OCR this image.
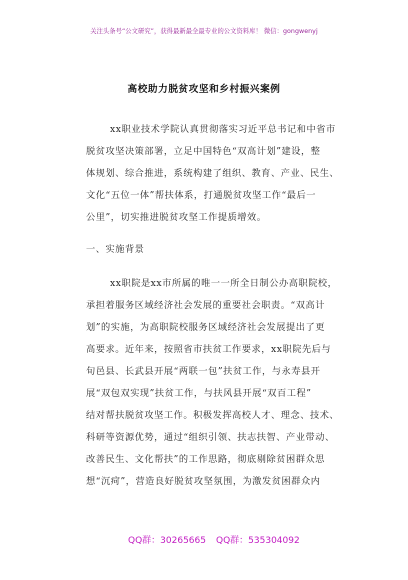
关注头条号“公文研究”，获得最新最全最专业的公文资料库！ 微信：gongwenyj
高校助力脱贫攻坚和乡村振兴案例
xx职业技术学院认真贯彻落实习近平总书记和中省市
脱贫攻坚决策部署，立足中国特色“双高计划”建设，整
体规划、综合推进，系统构建了组织、教育、产业、民生、
文化“五位一体”帮扶体系，打通脱贫攻坚工作“最后一
公里”，切实推进脱贫攻坚工作提质增效。
一、实施背景
xx职院是xx市所属的唯一一所全日制公办高职院校，
承担着服务区域经济社会发展的重要社会职责。“双高计
划”的实施，为高职院校服务区域经济社会发展提出了更
高要求。近年来，按照省市扶贫工作要求，xx职院先后与
旬邑县、长武县开展“两联一包”扶贫工作，与永寿县开
展“双包双实现”扶贫工作，与扶风县开展“双百工程”
结对帮扶脱贫攻坚工作。积极发挥高校人才、理念、技术、
科研等资源优势，通过“组织引领、扶志扶智、产业带动、
改善民生、文化帮扶”的工作思路，彻底剔除贫困群众思
想“沉疴”，营造良好脱贫攻坚氛围，为激发贫困群众内
QQ群：30265665 QQ群：535304092
